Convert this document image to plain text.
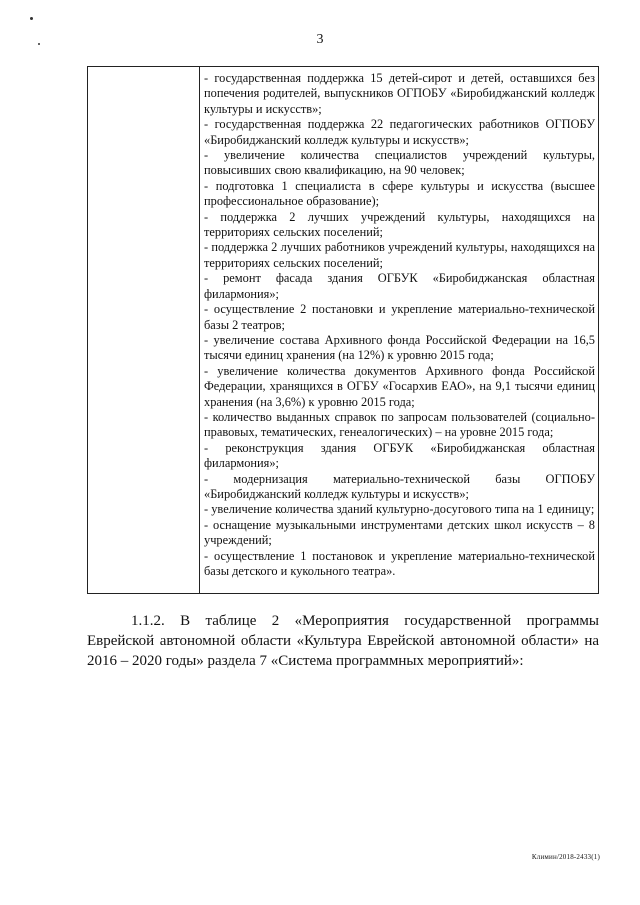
3

- государственная поддержка 15 детей-сирот и детей, оставшихся без попечения родителей, выпускников ОГПОБУ «Биробиджанский колледж культуры и искусств»;

- государственная поддержка 22 педагогических работников ОГПОБУ «Биробиджанский колледж культуры и искусств»;

- увеличение количества специалистов учреждений культуры, повысивших свою квалификацию, на 90 человек;

- подготовка 1 специалиста в сфере культуры и искусства (высшее профессиональное образование);

- поддержка 2 лучших учреждений культуры, находящихся на территориях сельских поселений;

- поддержка 2 лучших работников учреждений культуры, находящихся на территориях сельских поселений;

- ремонт фасада здания ОГБУК «Биробиджанская областная филармония»;

- осуществление 2 постановки и укрепление материально-технической базы 2 театров;

- увеличение состава Архивного фонда Российской Федерации на 16,5 тысячи единиц хранения (на 12%) к уровню 2015 года;

- увеличение количества документов Архивного фонда Российской Федерации, хранящихся в ОГБУ «Госархив ЕАО», на 9,1 тысячи единиц хранения (на 3,6%) к уровню 2015 года;

- количество выданных справок по запросам пользователей (социально-правовых, тематических, генеалогических) – на уровне 2015 года;

- реконструкция здания ОГБУК «Биробиджанская областная филармония»;

- модернизация материально-технической базы ОГПОБУ «Биробиджанский колледж культуры и искусств»;

- увеличение количества зданий культурно-досугового типа на 1 единицу;

- оснащение музыкальными инструментами детских школ искусств – 8 учреждений;

- осуществление 1 постановок и укрепление материально-технической базы детского и кукольного театра».

1.1.2. В таблице 2 «Мероприятия государственной программы Еврейской автономной области «Культура Еврейской автономной области» на 2016 – 2020 годы» раздела 7 «Система программных мероприятий»:

Климин/2018-2433(1)
